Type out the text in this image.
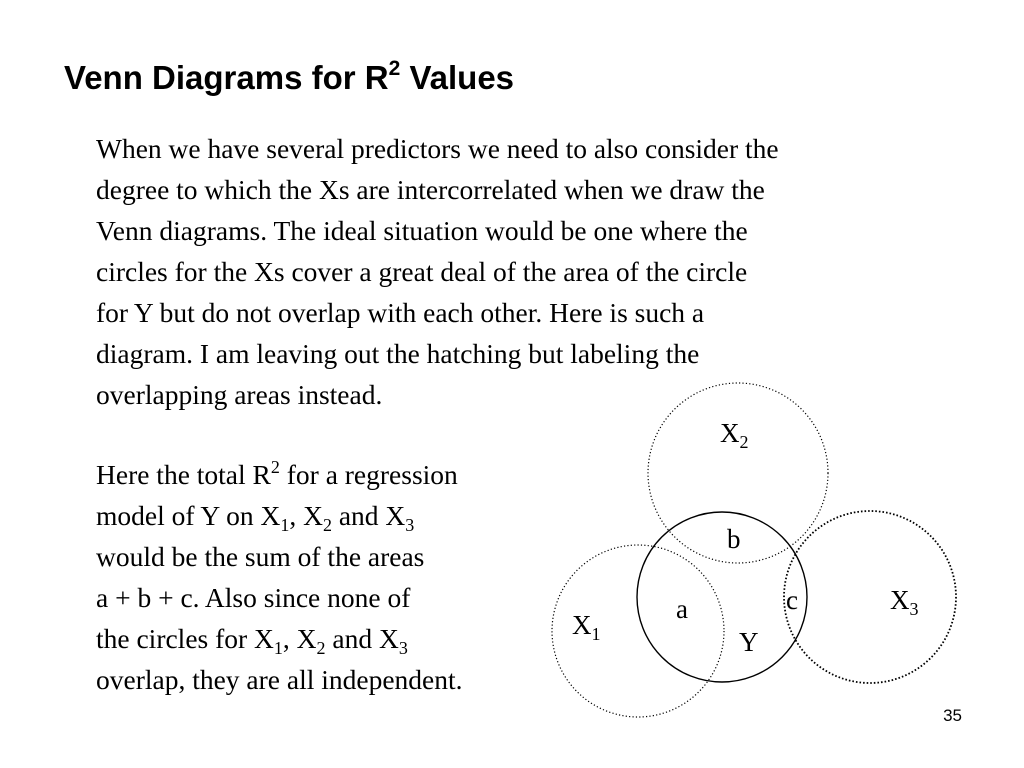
Venn Diagrams for $R^2$ Values

When we have several predictors we need to also consider the
degree to which the Xs are intercorrelated when we draw the
Venn diagrams. The ideal situation would be one where the
circles for the Xs cover a great deal of the area of the circle
for Y but do not overlap with each other. Here is such a
diagram. I am leaving out the hatching but labeling the
overlapping areas instead.

Here the total $R^2$ for a regression
model of Y on $X_1$, $X_2$ and $X_3$
would be the sum of the areas
a + b + c. Also since none of
the circles for $X_1$, $X_2$ and $X_3$
overlap, they are all independent.

$X_2$
$X_3$
$X_1$	Y
a
b
c

35
